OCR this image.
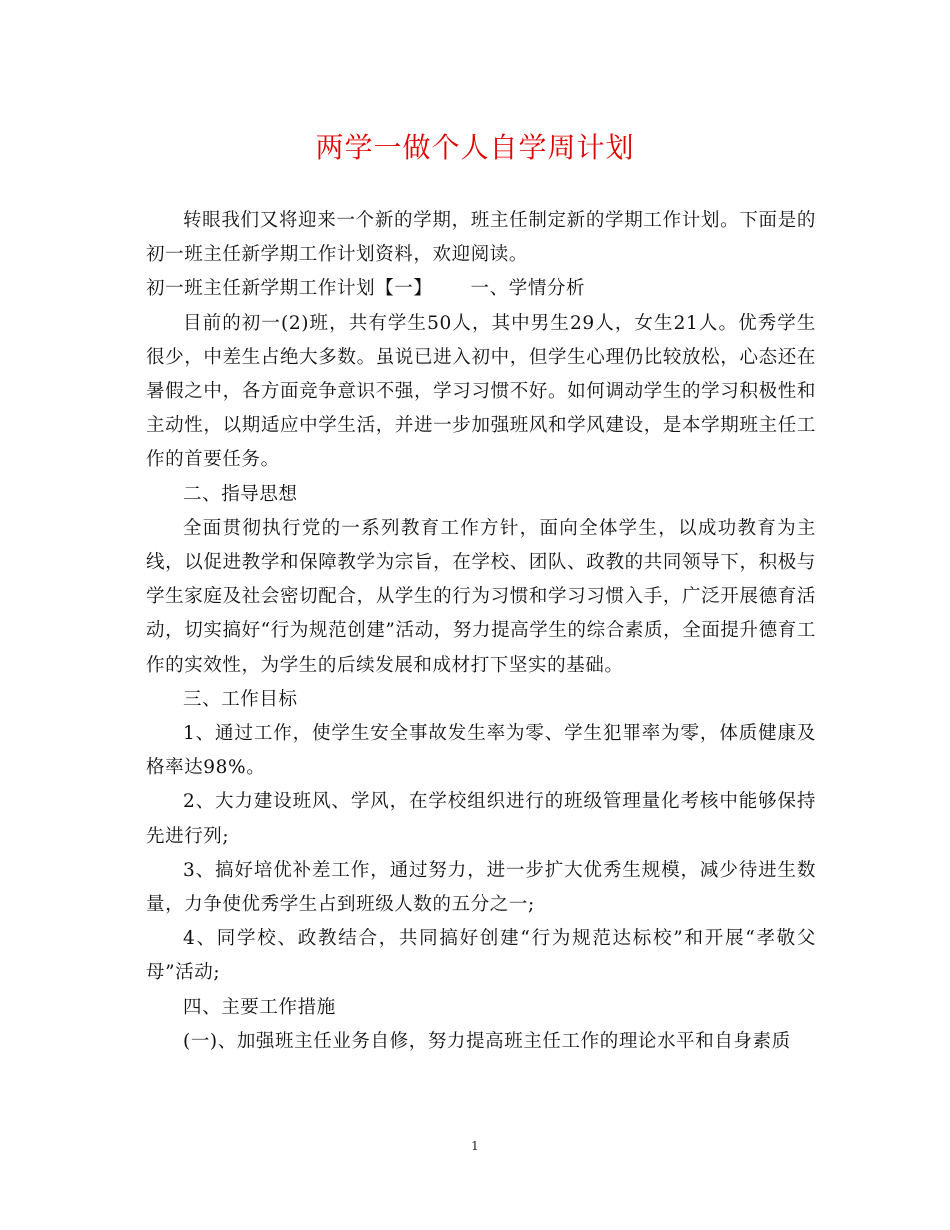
两学一做个人自学周计划

转眼我们又将迎来一个新的学期，班主任制定新的学期工作计划。下面是的初一班主任新学期工作计划资料，欢迎阅读。

初一班主任新学期工作计划【一】 一、学情分析

目前的初一(2)班，共有学生50人，其中男生29人，女生21人。优秀学生很少，中差生占绝大多数。虽说已进入初中，但学生心理仍比较放松，心态还在暑假之中，各方面竞争意识不强，学习习惯不好。如何调动学生的学习积极性和主动性，以期适应中学生活，并进一步加强班风和学风建设，是本学期班主任工作的首要任务。

二、指导思想

全面贯彻执行党的一系列教育工作方针，面向全体学生，以成功教育为主线，以促进教学和保障教学为宗旨，在学校、团队、政教的共同领导下，积极与学生家庭及社会密切配合，从学生的行为习惯和学习习惯入手，广泛开展德育活动，切实搞好“行为规范创建”活动，努力提高学生的综合素质，全面提升德育工作的实效性，为学生的后续发展和成材打下坚实的基础。

三、工作目标

1、通过工作，使学生安全事故发生率为零、学生犯罪率为零，体质健康及格率达98%。

2、大力建设班风、学风，在学校组织进行的班级管理量化考核中能够保持先进行列;

3、搞好培优补差工作，通过努力，进一步扩大优秀生规模，减少待进生数量，力争使优秀学生占到班级人数的五分之一;

4、同学校、政教结合，共同搞好创建“行为规范达标校”和开展“孝敬父母”活动;

四、主要工作措施

(一)、加强班主任业务自修，努力提高班主任工作的理论水平和自身素质

1
